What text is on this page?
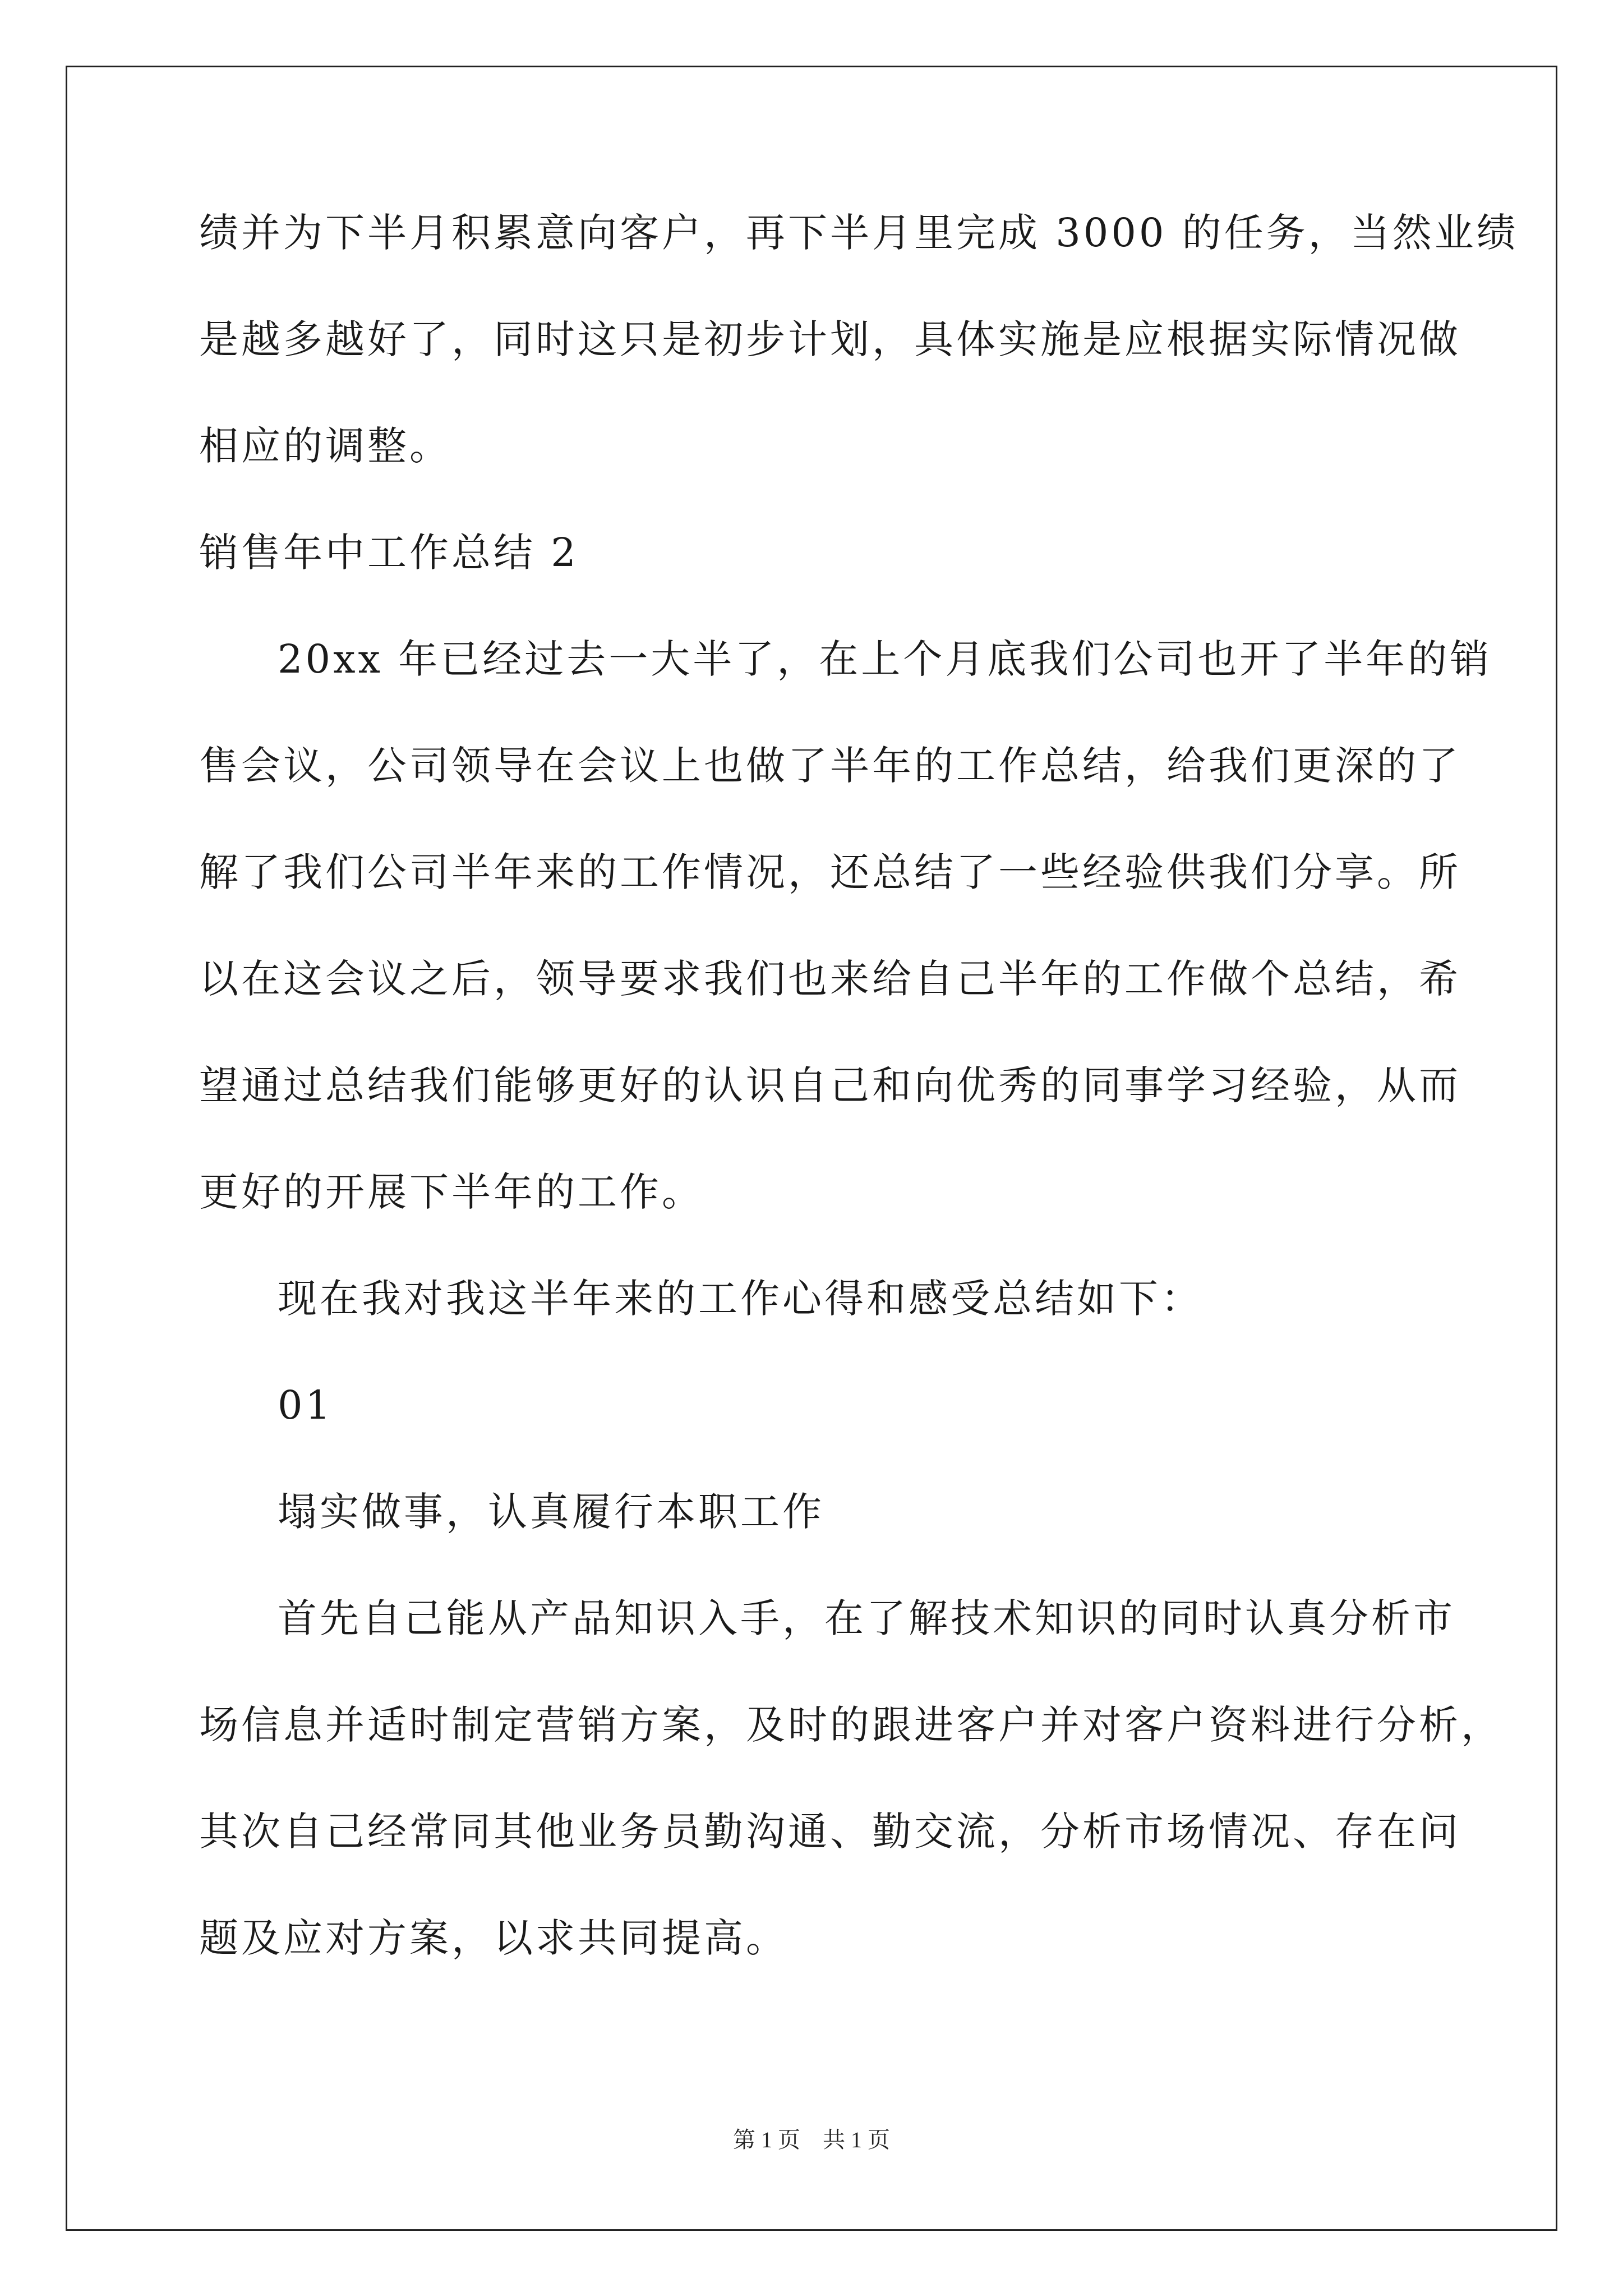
绩并为下半月积累意向客户，再下半月里完成 3000 的任务，当然业绩
是越多越好了，同时这只是初步计划，具体实施是应根据实际情况做
相应的调整。
销售年中工作总结 2
20xx 年已经过去一大半了，在上个月底我们公司也开了半年的销
售会议，公司领导在会议上也做了半年的工作总结，给我们更深的了
解了我们公司半年来的工作情况，还总结了一些经验供我们分享。所
以在这会议之后，领导要求我们也来给自己半年的工作做个总结，希
望通过总结我们能够更好的认识自己和向优秀的同事学习经验，从而
更好的开展下半年的工作。
现在我对我这半年来的工作心得和感受总结如下：
01
塌实做事，认真履行本职工作
首先自己能从产品知识入手，在了解技术知识的同时认真分析市
场信息并适时制定营销方案，及时的跟进客户并对客户资料进行分析，
其次自己经常同其他业务员勤沟通、勤交流，分析市场情况、存在问
题及应对方案，以求共同提高。
第 1 页　共 1 页
